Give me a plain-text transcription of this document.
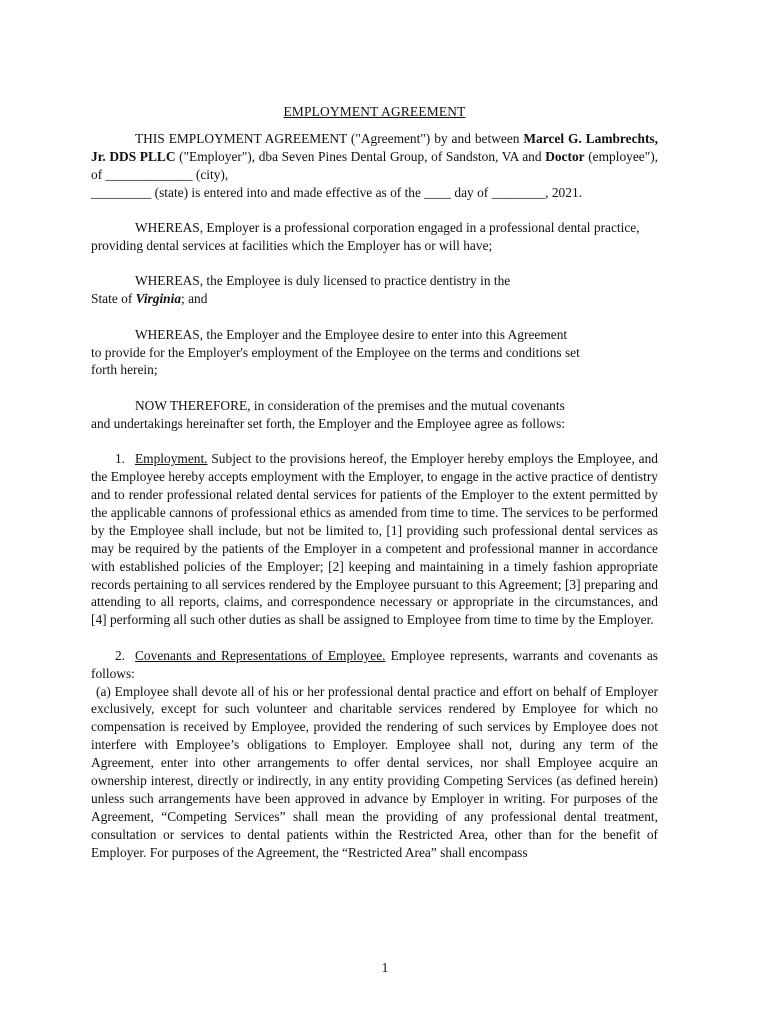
EMPLOYMENT AGREEMENT

THIS EMPLOYMENT AGREEMENT ("Agreement") by and between Marcel G. Lambrechts, Jr. DDS PLLC ("Employer"), dba Seven Pines Dental Group, of Sandston, VA and Doctor (employee"), of _____________ (city),
_________ (state) is entered into and made effective as of the ____ day of ________, 2021.

WHEREAS, Employer is a professional corporation engaged in a professional dental practice, providing dental services at facilities which the Employer has or will have;

WHEREAS, the Employee is duly licensed to practice dentistry in the
State of Virginia; and

WHEREAS, the Employer and the Employee desire to enter into this Agreement
to provide for the Employer's employment of the Employee on the terms and conditions set
forth herein;

NOW THEREFORE, in consideration of the premises and the mutual covenants
and undertakings hereinafter set forth, the Employer and the Employee agree as follows:

1. Employment. Subject to the provisions hereof, the Employer hereby employs the Employee, and the Employee hereby accepts employment with the Employer, to engage in the active practice of dentistry and to render professional related dental services for patients of the Employer to the extent permitted by the applicable cannons of professional ethics as amended from time to time. The services to be performed by the Employee shall include, but not be limited to, [1] providing such professional dental services as may be required by the patients of the Employer in a competent and professional manner in accordance with established policies of the Employer; [2] keeping and maintaining in a timely fashion appropriate records pertaining to all services rendered by the Employee pursuant to this Agreement; [3] preparing and attending to all reports, claims, and correspondence necessary or appropriate in the circumstances, and [4] performing all such other duties as shall be assigned to Employee from time to time by the Employer.

2. Covenants and Representations of Employee. Employee represents, warrants and covenants as follows:

(a) Employee shall devote all of his or her professional dental practice and effort on behalf of Employer exclusively, except for such volunteer and charitable services rendered by Employee for which no compensation is received by Employee, provided the rendering of such services by Employee does not interfere with Employee’s obligations to Employer. Employee shall not, during any term of the Agreement, enter into other arrangements to offer dental services, nor shall Employee acquire an ownership interest, directly or indirectly, in any entity providing Competing Services (as defined herein) unless such arrangements have been approved in advance by Employer in writing. For purposes of the Agreement, “Competing Services” shall mean the providing of any professional dental treatment, consultation or services to dental patients within the Restricted Area, other than for the benefit of Employer. For purposes of the Agreement, the “Restricted Area” shall encompass

1
